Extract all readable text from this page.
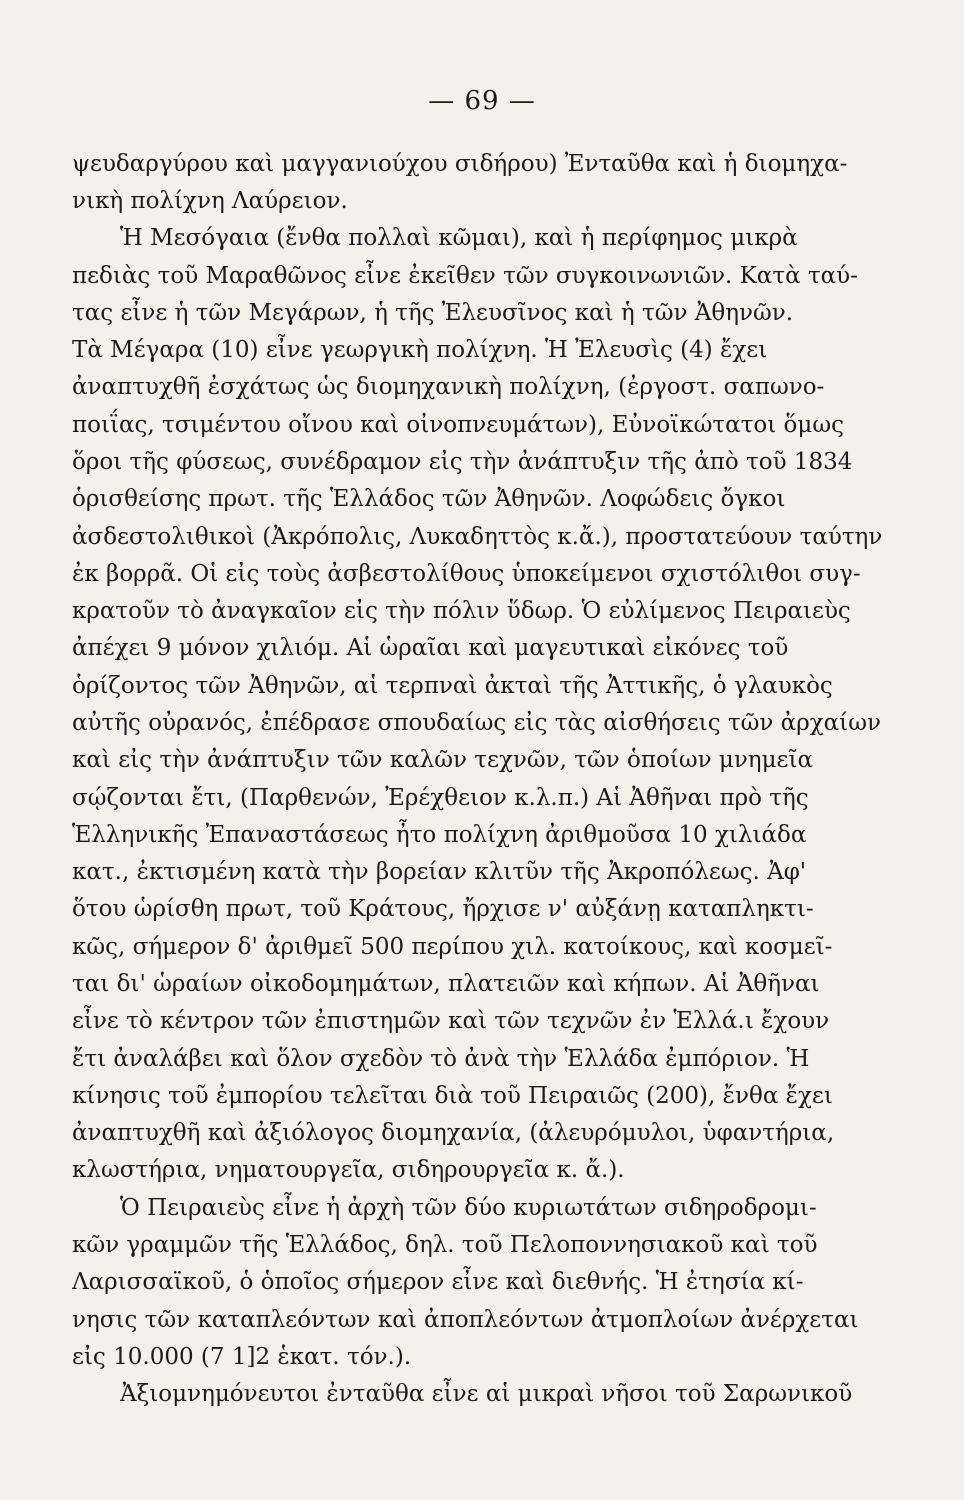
— 69 —
ψευδαργύρου καὶ μαγγανιούχου σιδήρου) Ἐνταῦθα καὶ ἡ διομηχα-
νικὴ πολίχνη Λαύρειον.
Ἡ Μεσόγαια (ἔνθα πολλαὶ κῶμαι), καὶ ἡ περίφημος μικρὰ
πεδιὰς τοῦ Μαραθῶνος εἶνε ἐκεῖθεν τῶν συγκοινωνιῶν. Κατὰ ταύ-
τας εἶνε ἡ τῶν Μεγάρων, ἡ τῆς Ἐλευσῖνος καὶ ἡ τῶν Ἀθηνῶν.
Τὰ Μέγαρα (10) εἶνε γεωργικὴ πολίχνη. Ἡ Ἐλευσὶς (4) ἔχει
ἀναπτυχθῆ ἐσχάτως ὡς διομηχανικὴ πολίχνη, (ἐργοστ. σαπωνο-
ποιΐας, τσιμέντου οἴνου καὶ οἰνοπνευμάτων), Εὐνοϊκώτατοι ὅμως
ὅροι τῆς φύσεως, συνέδραμον εἰς τὴν ἀνάπτυξιν τῆς ἀπὸ τοῦ 1834
ὁρισθείσης πρωτ. τῆς Ἑλλάδος τῶν Ἀθηνῶν. Λοφώδεις ὄγκοι
ἀσδεστολιθικοὶ (Ἀκρόπολις, Λυκαδηττὸς κ.ἄ.), προστατεύουν ταύτην
ἐκ βορρᾶ. Οἱ εἰς τοὺς ἀσβεστολίθους ὑποκείμενοι σχιστόλιθοι συγ-
κρατοῦν τὸ ἀναγκαῖον εἰς τὴν πόλιν ὕδωρ. Ὁ εὐλίμενος Πειραιεὺς
ἀπέχει 9 μόνον χιλιόμ. Αἱ ὡραῖαι καὶ μαγευτικαὶ εἰκόνες τοῦ
ὁρίζοντος τῶν Ἀθηνῶν, αἱ τερπναὶ ἀκταὶ τῆς Ἀττικῆς, ὁ γλαυκὸς
αὐτῆς οὐρανός, ἐπέδρασε σπουδαίως εἰς τὰς αἰσθήσεις τῶν ἀρχαίων
καὶ εἰς τὴν ἀνάπτυξιν τῶν καλῶν τεχνῶν, τῶν ὁποίων μνημεῖα
σῴζονται ἔτι, (Παρθενών, Ἐρέχθειον κ.λ.π.) Αἱ Ἀθῆναι πρὸ τῆς
Ἑλληνικῆς Ἐπαναστάσεως ἦτο πολίχνη ἀριθμοῦσα 10 χιλιάδα
κατ., ἐκτισμένη κατὰ τὴν βορείαν κλιτῦν τῆς Ἀκροπόλεως. Ἀφ'
ὅτου ὡρίσθη πρωτ, τοῦ Κράτους, ἤρχισε ν' αὐξάνῃ καταπληκτι-
κῶς, σήμερον δ' ἀριθμεῖ 500 περίπου χιλ. κατοίκους, καὶ κοσμεῖ-
ται δι' ὡραίων οἰκοδομημάτων, πλατειῶν καὶ κήπων. Αἱ Ἀθῆναι
εἶνε τὸ κέντρον τῶν ἐπιστημῶν καὶ τῶν τεχνῶν ἐν Ἑλλά.ι ἔχουν
ἔτι ἀναλάβει καὶ ὅλον σχεδὸν τὸ ἀνὰ τὴν Ἑλλάδα ἐμπόριον. Ἡ
κίνησις τοῦ ἐμπορίου τελεῖται διὰ τοῦ Πειραιῶς (200), ἔνθα ἔχει
ἀναπτυχθῆ καὶ ἀξιόλογος διομηχανία, (ἀλευρόμυλοι, ὑφαντήρια,
κλωστήρια, νηματουργεῖα, σιδηρουργεῖα κ. ἄ.).
Ὁ Πειραιεὺς εἶνε ἡ ἀρχὴ τῶν δύο κυριωτάτων σιδηροδρομι-
κῶν γραμμῶν τῆς Ἑλλάδος, δηλ. τοῦ Πελοποννησιακοῦ καὶ τοῦ
Λαρισσαϊκοῦ, ὁ ὁποῖος σήμερον εἶνε καὶ διεθνής. Ἡ ἐτησία κί-
νησις τῶν καταπλεόντων καὶ ἀποπλεόντων ἀτμοπλοίων ἀνέρχεται
εἰς 10.000 (7 1]2 ἑκατ. τόν.).
Ἀξιομνημόνευτοι ἐνταῦθα εἶνε αἱ μικραὶ νῆσοι τοῦ Σαρωνικοῦ
